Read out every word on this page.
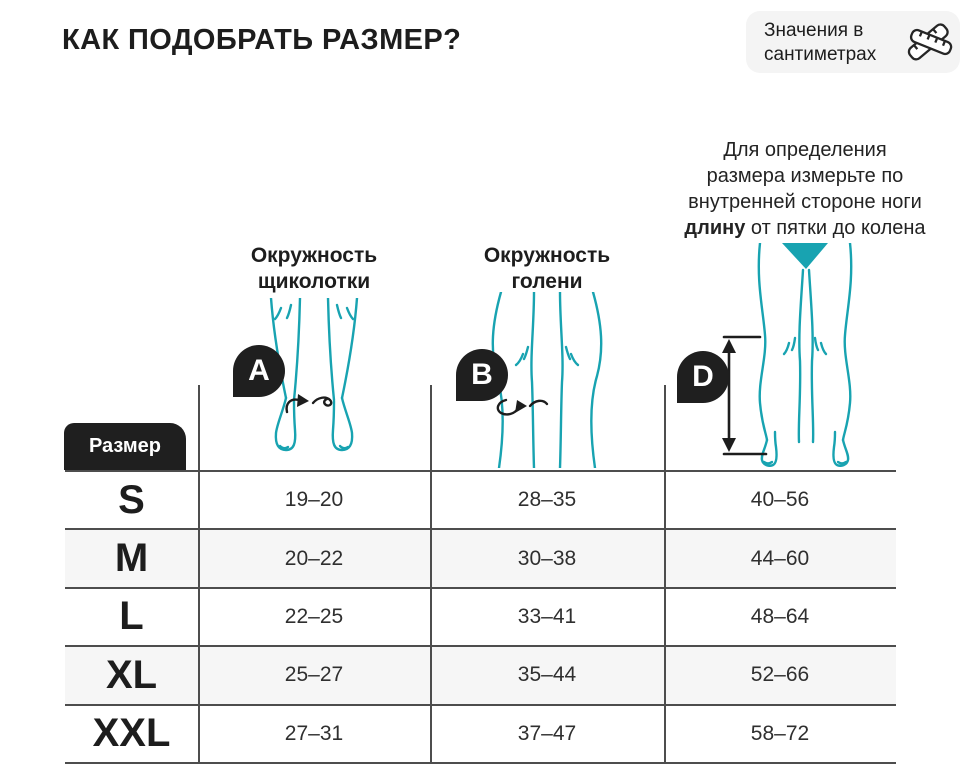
КАК ПОДОБРАТЬ РАЗМЕР?	Значения в
сантиметрах
Для определения
размера измерьте по
внутренней стороне ноги
длину от пятки до колена
Окружность
щиколотки
Окружность
голени
A	B	D
Размер
S	19–20	28–35	40–56
M	20–22	30–38	44–60
L	22–25	33–41	48–64
XL	25–27	35–44	52–66
XXL	27–31	37–47	58–72
